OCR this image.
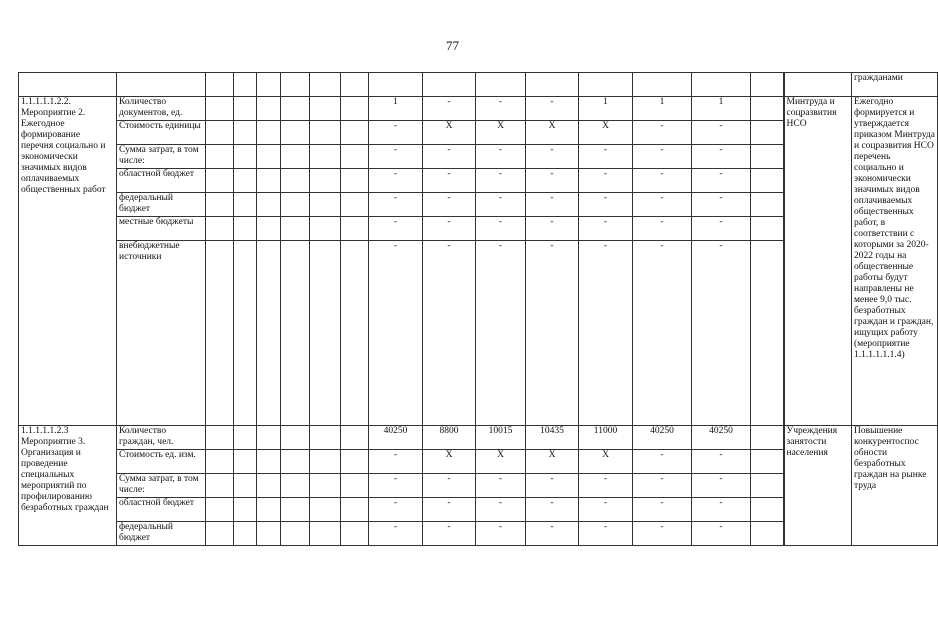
77
																	гражданами
1.1.1.1.1.2.2. Мероприятие 2. Ежегодное формирование перечня социально и экономически значимых видов оплачиваемых общественных работ	Количество документов, ед.							1	-	-	-	1	1	1		Минтруда и соцразвития НСО	Ежегодно формируется и утверждается приказом Минтруда и соцразвития НСО перечень социально и экономически значимых видов оплачиваемых общественных работ, в соответствии с которыми за 2020-2022 годы на общественные работы будут направлены не менее 9,0 тыс. безработных граждан и граждан, ищущих работу (мероприятие 1.1.1.1.1.1.4)
	Стоимость единицы							-	Х	Х	Х	Х	-	-			
	Сумма затрат, в том числе:							-	-	-	-	-	-	-			
	областной бюджет							-	-	-	-	-	-	-			
	федеральный бюджет							-	-	-	-	-	-	-			
	местные бюджеты							-	-	-	-	-	-	-			
	внебюджетные источники							-	-	-	-	-	-	-			
1.1.1.1.1.2.3 Мероприятие 3. Организация и проведение специальных мероприятий по профилированию безработных граждан	Количество граждан, чел.							40250	8800	10015	10435	11000	40250	40250		Учреждения занятости населения	Повышение конкурентоспос обности безработных граждан на рынке труда
	Стоимость ед. изм.							-	Х	Х	Х	Х	-	-			
	Сумма затрат, в том числе:							-	-	-	-	-	-	-			
	областной бюджет							-	-	-	-	-	-	-			
	федеральный бюджет							-	-	-	-	-	-	-			
